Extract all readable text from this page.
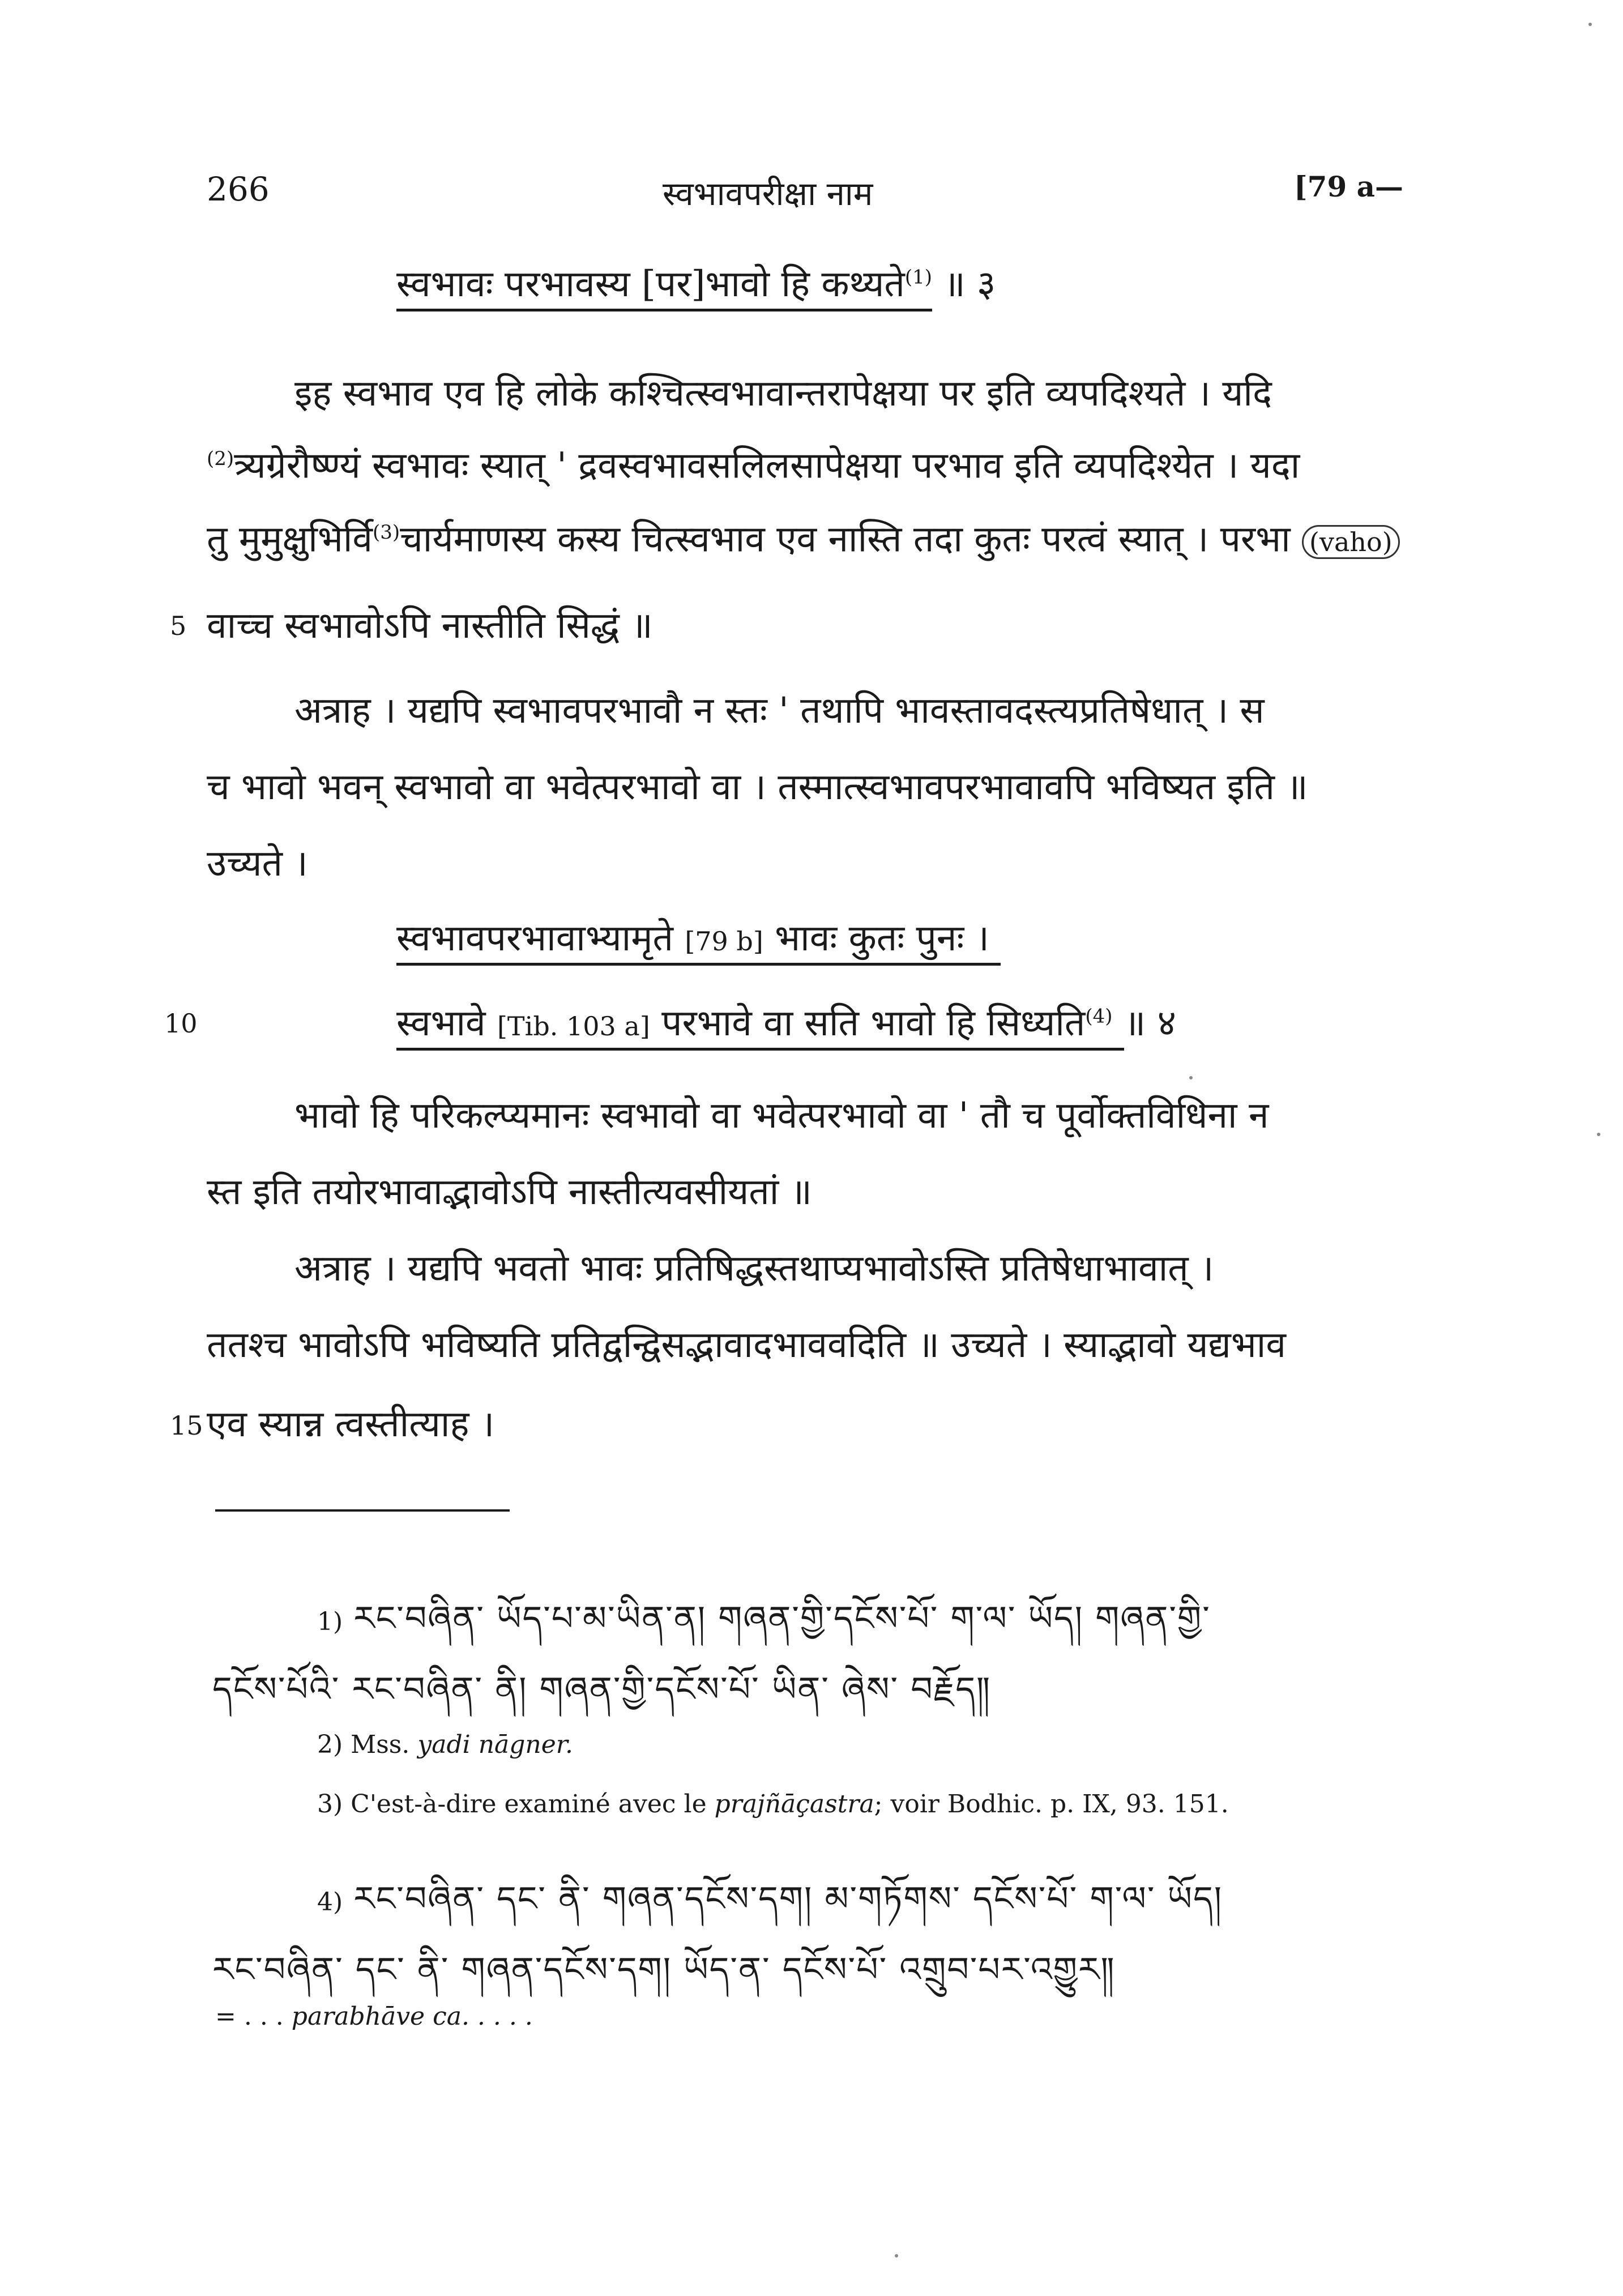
266	स्वभावपरीक्षा नाम	[79 a—
स्वभावः परभावस्य [पर]भावो हि कथ्यते$^{(1)}$ ॥ ३
इह स्वभाव एव हि लोके कश्चित्स्वभावान्तरापेक्षया पर इति व्यपदिश्यते । यदि
$^{(2)}$त्र्यग्रेरौष्ण्यं स्वभावः स्यात् ' द्रवस्वभावसलिलसापेक्षया परभाव इति व्यपदिश्येत । यदा
तु मुमुक्षुभिर्वि$^{(3)}$चार्यमाणस्य कस्य चित्स्वभाव एव नास्ति तदा कुतः परत्वं स्यात् । परभा (vaho)
5 वाच्च स्वभावोऽपि नास्तीति सिद्धं ॥
अत्राह । यद्यपि स्वभावपरभावौ न स्तः ' तथापि भावस्तावदस्त्यप्रतिषेधात् । स
च भावो भवन् स्वभावो वा भवेत्परभावो वा । तस्मात्स्वभावपरभावावपि भविष्यत इति ॥
उच्यते ।
स्वभावपरभावाभ्यामृते [79 b] भावः कुतः पुनः ।
10	स्वभावे [Tib. 103 a] परभावे वा सति भावो हि सिध्यति$^{(4)}$ ॥ ४
भावो हि परिकल्प्यमानः स्वभावो वा भवेत्परभावो वा ' तौ च पूर्वोक्तविधिना न
स्त इति तयोरभावाद्भावोऽपि नास्तीत्यवसीयतां ॥
अत्राह । यद्यपि भवतो भावः प्रतिषिद्धस्तथाप्यभावोऽस्ति प्रतिषेधाभावात् ।
ततश्च भावोऽपि भविष्यति प्रतिद्वन्द्विसद्भावादभाववदिति ॥ उच्यते । स्याद्भावो यद्यभाव
15 एव स्यान्न त्वस्तीत्याह ।
1) རང་བཞིན་ ཡོད་པ་མ་ཡིན་ན། གཞན་གྱི་དངོས་པོ་ ག་ལ་ ཡོད། གཞན་གྱི་
དངོས་པོའི་ རང་བཞིན་ ནི། གཞན་གྱི་དངོས་པོ་ ཡིན་ ཞེས་ བརྗོད༎
2) Mss. yadi nāgner.
3) C'est-à-dire examiné avec le prajñāçastra; voir Bodhic. p. IX, 93. 151.
4) རང་བཞིན་ དང་ ནི་ གཞན་དངོས་དག། མ་གཏོགས་ དངོས་པོ་ ག་ལ་ ཡོད།
རང་བཞིན་ དང་ ནི་ གཞན་དངོས་དག། ཡོད་ན་ དངོས་པོ་ འགྲུབ་པར་འགྱུར༎
= . . . parabhāve ca. . . . .
